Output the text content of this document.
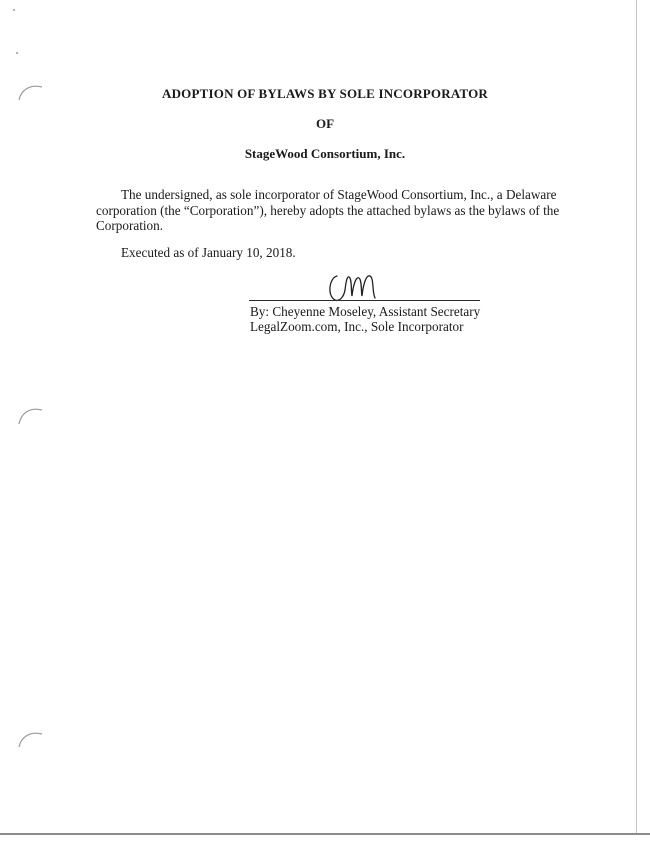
ADOPTION OF BYLAWS BY SOLE INCORPORATOR
OF
StageWood Consortium, Inc.
The undersigned, as sole incorporator of StageWood Consortium, Inc., a Delaware corporation (the “Corporation”), hereby adopts the attached bylaws as the bylaws of the Corporation.
Executed as of January 10, 2018.
By: Cheyenne Moseley, Assistant Secretary
LegalZoom.com, Inc., Sole Incorporator
